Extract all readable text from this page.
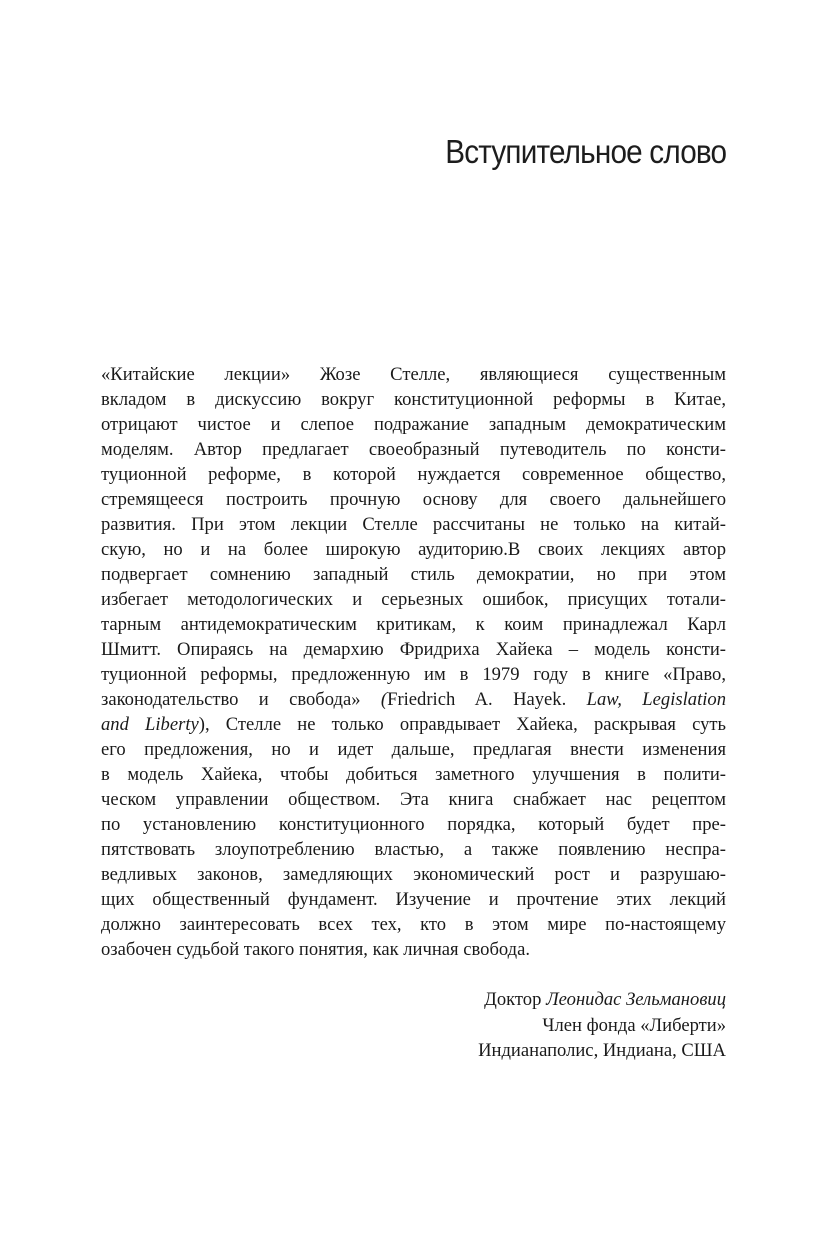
Вступительное слово
«Китайские лекции» Жозе Стелле, являющиеся существенным
вкладом в дискуссию вокруг конституционной реформы в Китае,
отрицают чистое и слепое подражание западным демократическим
моделям. Автор предлагает своеобразный путеводитель по консти-
туционной реформе, в которой нуждается современное общество,
стремящееся построить прочную основу для своего дальнейшего
развития. При этом лекции Стелле рассчитаны не только на китай-
скую, но и на более широкую аудиторию.В своих лекциях автор
подвергает сомнению западный стиль демократии, но при этом
избегает методологических и серьезных ошибок, присущих тотали-
тарным антидемократическим критикам, к коим принадлежал Карл
Шмитт. Опираясь на демархию Фридриха Хайека – модель консти-
туционной реформы, предложенную им в 1979 году в книге «Право,
законодательство и свобода» (Friedrich A. Hayek. Law, Legislation
and Liberty), Стелле не только оправдывает Хайека, раскрывая суть
его предложения, но и идет дальше, предлагая внести изменения
в модель Хайека, чтобы добиться заметного улучшения в полити-
ческом управлении обществом. Эта книга снабжает нас рецептом
по установлению конституционного порядка, который будет пре-
пятствовать злоупотреблению властью, а также появлению неспра-
ведливых законов, замедляющих экономический рост и разрушаю-
щих общественный фундамент. Изучение и прочтение этих лекций
должно заинтересовать всех тех, кто в этом мире по-настоящему
озабочен судьбой такого понятия, как личная свобода.
Доктор Леонидас Зельмановиц
Член фонда «Либерти»
Индианаполис, Индиана, США
